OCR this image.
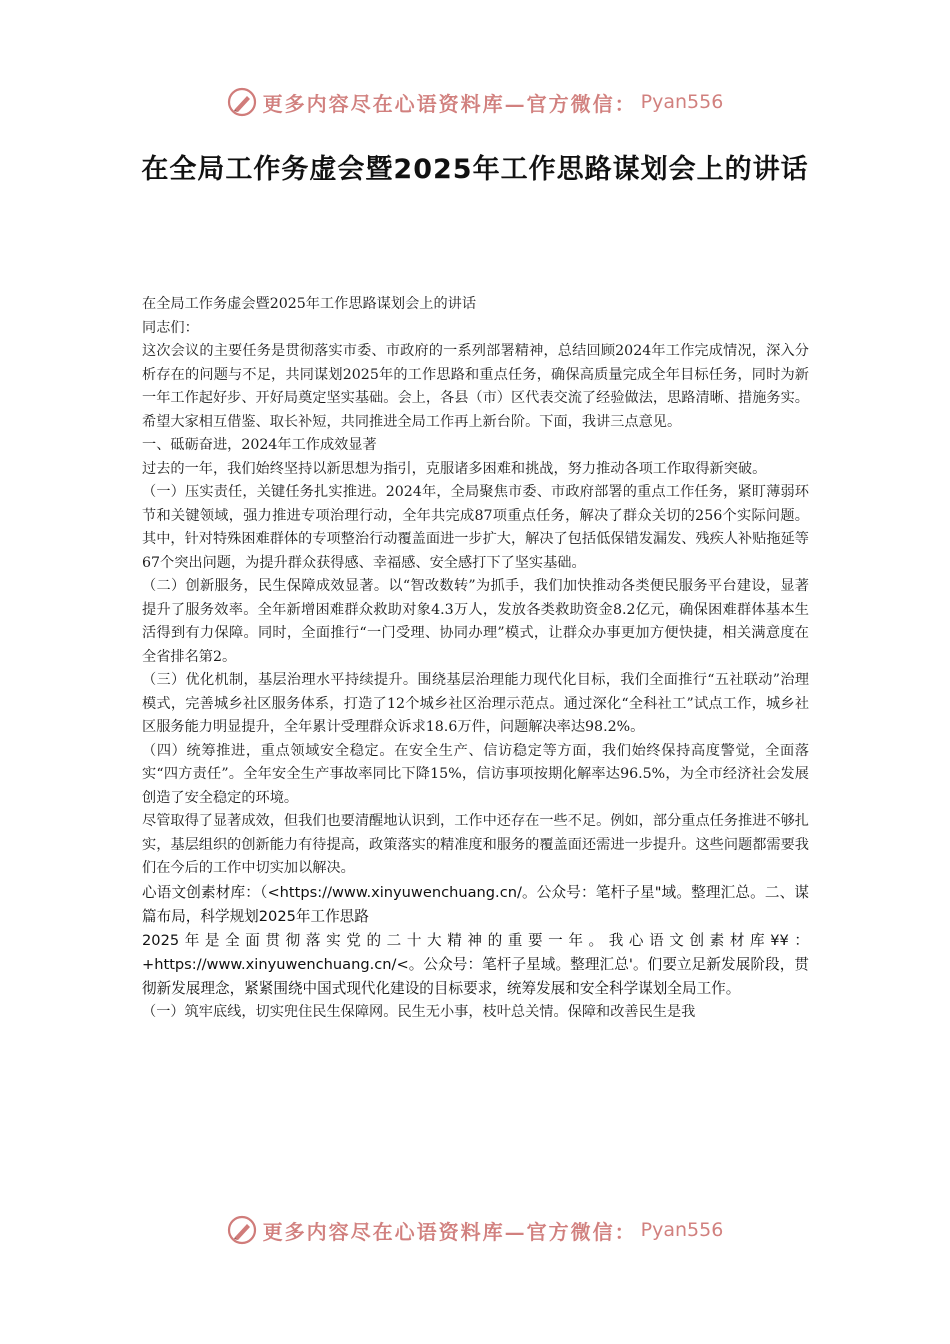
更多内容尽在心语资料库—官方微信： Pyan556
在全局工作务虚会暨2025年工作思路谋划会上的讲话

在全局工作务虚会暨2025年工作思路谋划会上的讲话

同志们：

这次会议的主要任务是贯彻落实市委、市政府的一系列部署精神，总结回顾2024年工作完成情况，深入分析存在的问题与不足，共同谋划2025年的工作思路和重点任务，确保高质量完成全年目标任务，同时为新一年工作起好步、开好局奠定坚实基础。会上，各县（市）区代表交流了经验做法，思路清晰、措施务实。希望大家相互借鉴、取长补短，共同推进全局工作再上新台阶。下面，我讲三点意见。

一、砥砺奋进，2024年工作成效显著

过去的一年，我们始终坚持以新思想为指引，克服诸多困难和挑战，努力推动各项工作取得新突破。

（一）压实责任，关键任务扎实推进。2024年，全局聚焦市委、市政府部署的重点工作任务，紧盯薄弱环节和关键领域，强力推进专项治理行动，全年共完成87项重点任务，解决了群众关切的256个实际问题。其中，针对特殊困难群体的专项整治行动覆盖面进一步扩大，解决了包括低保错发漏发、残疾人补贴拖延等67个突出问题，为提升群众获得感、幸福感、安全感打下了坚实基础。

（二）创新服务，民生保障成效显著。以“智改数转”为抓手，我们加快推动各类便民服务平台建设，显著提升了服务效率。全年新增困难群众救助对象4.3万人，发放各类救助资金8.2亿元，确保困难群体基本生活得到有力保障。同时，全面推行“一门受理、协同办理”模式，让群众办事更加方便快捷，相关满意度在全省排名第2。

（三）优化机制，基层治理水平持续提升。围绕基层治理能力现代化目标，我们全面推行“五社联动”治理模式，完善城乡社区服务体系，打造了12个城乡社区治理示范点。通过深化“全科社工”试点工作，城乡社区服务能力明显提升，全年累计受理群众诉求18.6万件，问题解决率达98.2%。

（四）统筹推进，重点领域安全稳定。在安全生产、信访稳定等方面，我们始终保持高度警觉，全面落实“四方责任”。全年安全生产事故率同比下降15%，信访事项按期化解率达96.5%，为全市经济社会发展创造了安全稳定的环境。

尽管取得了显著成效，但我们也要清醒地认识到，工作中还存在一些不足。例如，部分重点任务推进不够扎实，基层组织的创新能力有待提高，政策落实的精准度和服务的覆盖面还需进一步提升。这些问题都需要我们在今后的工作中切实加以解决。

心语文创素材库：（<https://www.xinyuwenchuang.cn/。公众号：笔杆子星"域。整理汇总。二、谋篇布局，科学规划2025年工作思路

2025年是全面贯彻落实党的二十大精神的重要一年。我心语文创素材库¥¥：+https://www.xinyuwenchuang.cn/<。公众号：笔杆子星域。整理汇总'。们要立足新发展阶段，贯彻新发展理念，紧紧围绕中国式现代化建设的目标要求，统筹发展和安全科学谋划全局工作。

（一）筑牢底线，切实兜住民生保障网。民生无小事，枝叶总关情。保障和改善民生是我

更多内容尽在心语资料库—官方微信： Pyan556
